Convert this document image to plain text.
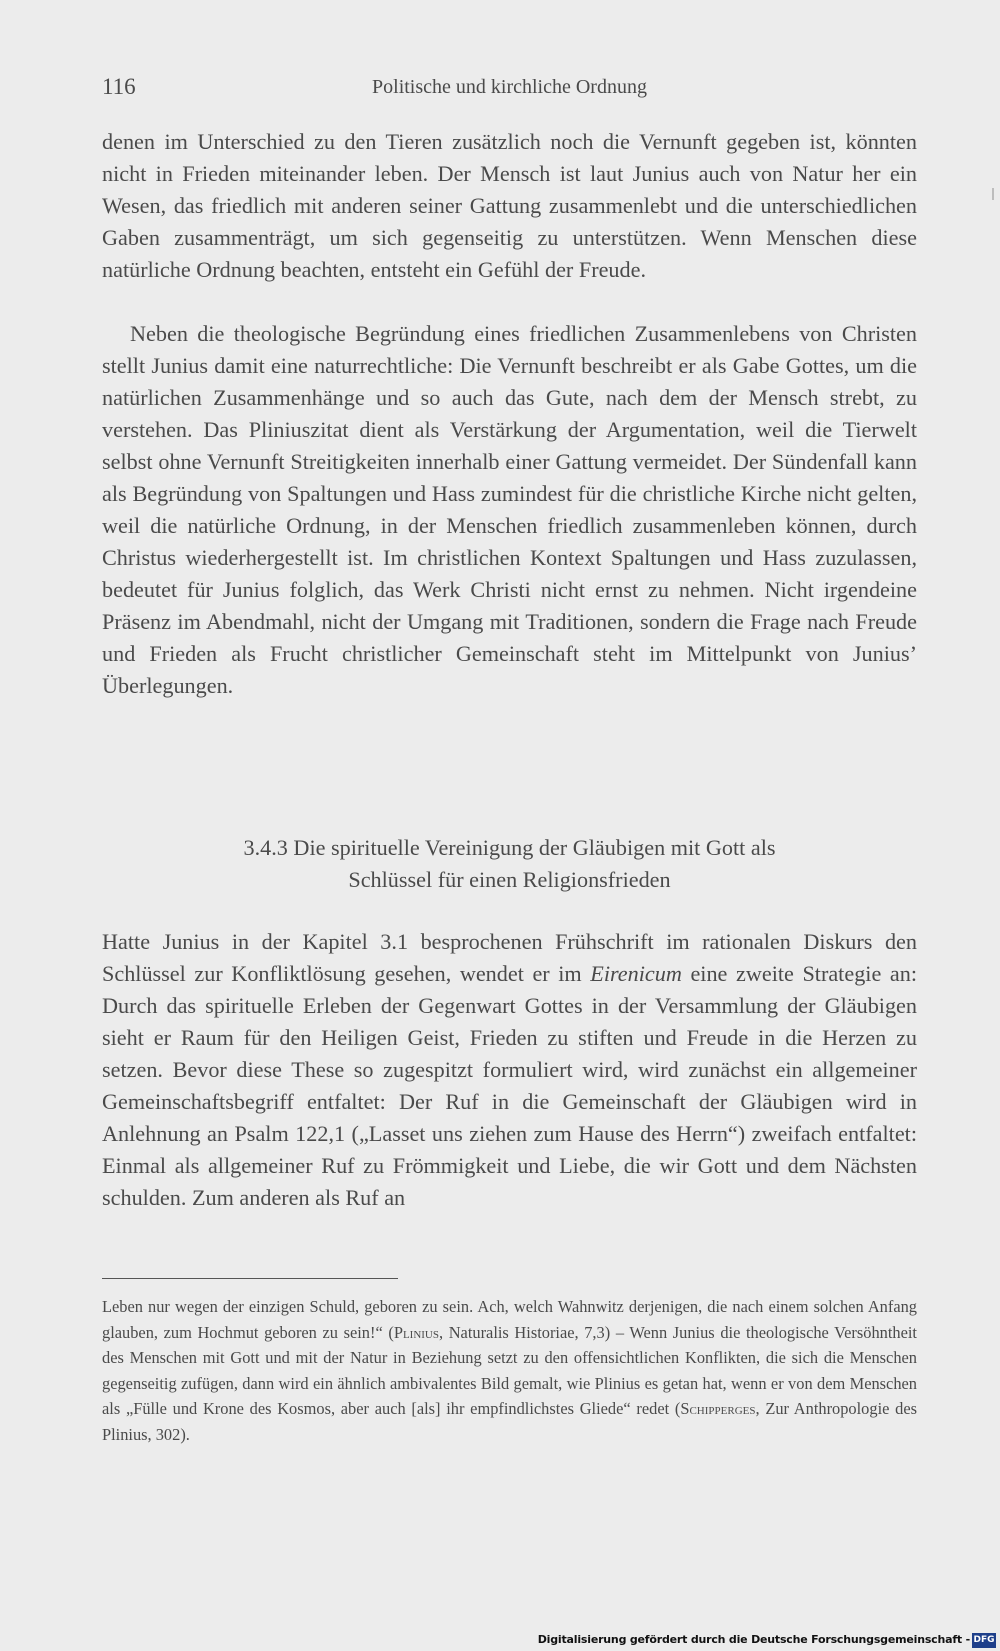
116	Politische und kirchliche Ordnung

denen im Unterschied zu den Tieren zusätzlich noch die Vernunft gegeben ist, könnten nicht in Frieden miteinander leben. Der Mensch ist laut Junius auch von Natur her ein Wesen, das friedlich mit anderen seiner Gattung zusammenlebt und die unterschiedlichen Gaben zusammenträgt, um sich gegenseitig zu unterstützen. Wenn Menschen diese natürliche Ordnung beachten, entsteht ein Gefühl der Freude.

Neben die theologische Begründung eines friedlichen Zusammenlebens von Christen stellt Junius damit eine naturrechtliche: Die Vernunft beschreibt er als Gabe Gottes, um die natürlichen Zusammenhänge und so auch das Gute, nach dem der Mensch strebt, zu verstehen. Das Pliniuszitat dient als Verstärkung der Argumentation, weil die Tierwelt selbst ohne Vernunft Streitigkeiten innerhalb einer Gattung vermeidet. Der Sündenfall kann als Begründung von Spaltungen und Hass zumindest für die christliche Kirche nicht gelten, weil die natürliche Ordnung, in der Menschen friedlich zusammenleben können, durch Christus wiederhergestellt ist. Im christlichen Kontext Spaltungen und Hass zuzulassen, bedeutet für Junius folglich, das Werk Christi nicht ernst zu nehmen. Nicht irgendeine Präsenz im Abendmahl, nicht der Umgang mit Traditionen, sondern die Frage nach Freude und Frieden als Frucht christlicher Gemeinschaft steht im Mittelpunkt von Junius’ Überlegungen.

3.4.3 Die spirituelle Vereinigung der Gläubigen mit Gott als
Schlüssel für einen Religionsfrieden

Hatte Junius in der Kapitel 3.1 besprochenen Frühschrift im rationalen Diskurs den Schlüssel zur Konfliktlösung gesehen, wendet er im Eirenicum eine zweite Strategie an: Durch das spirituelle Erleben der Gegenwart Gottes in der Versammlung der Gläubigen sieht er Raum für den Heiligen Geist, Frieden zu stiften und Freude in die Herzen zu setzen. Bevor diese These so zugespitzt formuliert wird, wird zunächst ein allgemeiner Gemeinschaftsbegriff entfaltet: Der Ruf in die Gemeinschaft der Gläubigen wird in Anlehnung an Psalm 122,1 („Lasset uns ziehen zum Hause des Herrn“) zweifach entfaltet: Einmal als allgemeiner Ruf zu Frömmigkeit und Liebe, die wir Gott und dem Nächsten schulden. Zum anderen als Ruf an

Leben nur wegen der einzigen Schuld, geboren zu sein. Ach, welch Wahnwitz derjenigen, die nach einem solchen Anfang glauben, zum Hochmut geboren zu sein!“ (Plinius, Naturalis Historiae, 7,3) – Wenn Junius die theologische Versöhntheit des Menschen mit Gott und mit der Natur in Beziehung setzt zu den offensichtlichen Konflikten, die sich die Menschen gegenseitig zufügen, dann wird ein ähnlich ambivalentes Bild gemalt, wie Plinius es getan hat, wenn er von dem Menschen als „Fülle und Krone des Kosmos, aber auch [als] ihr empfindlichstes Gliede“ redet (Schipperges, Zur Anthropologie des Plinius, 302).

Digitalisierung gefördert durch die Deutsche Forschungsgemeinschaft - DFG
